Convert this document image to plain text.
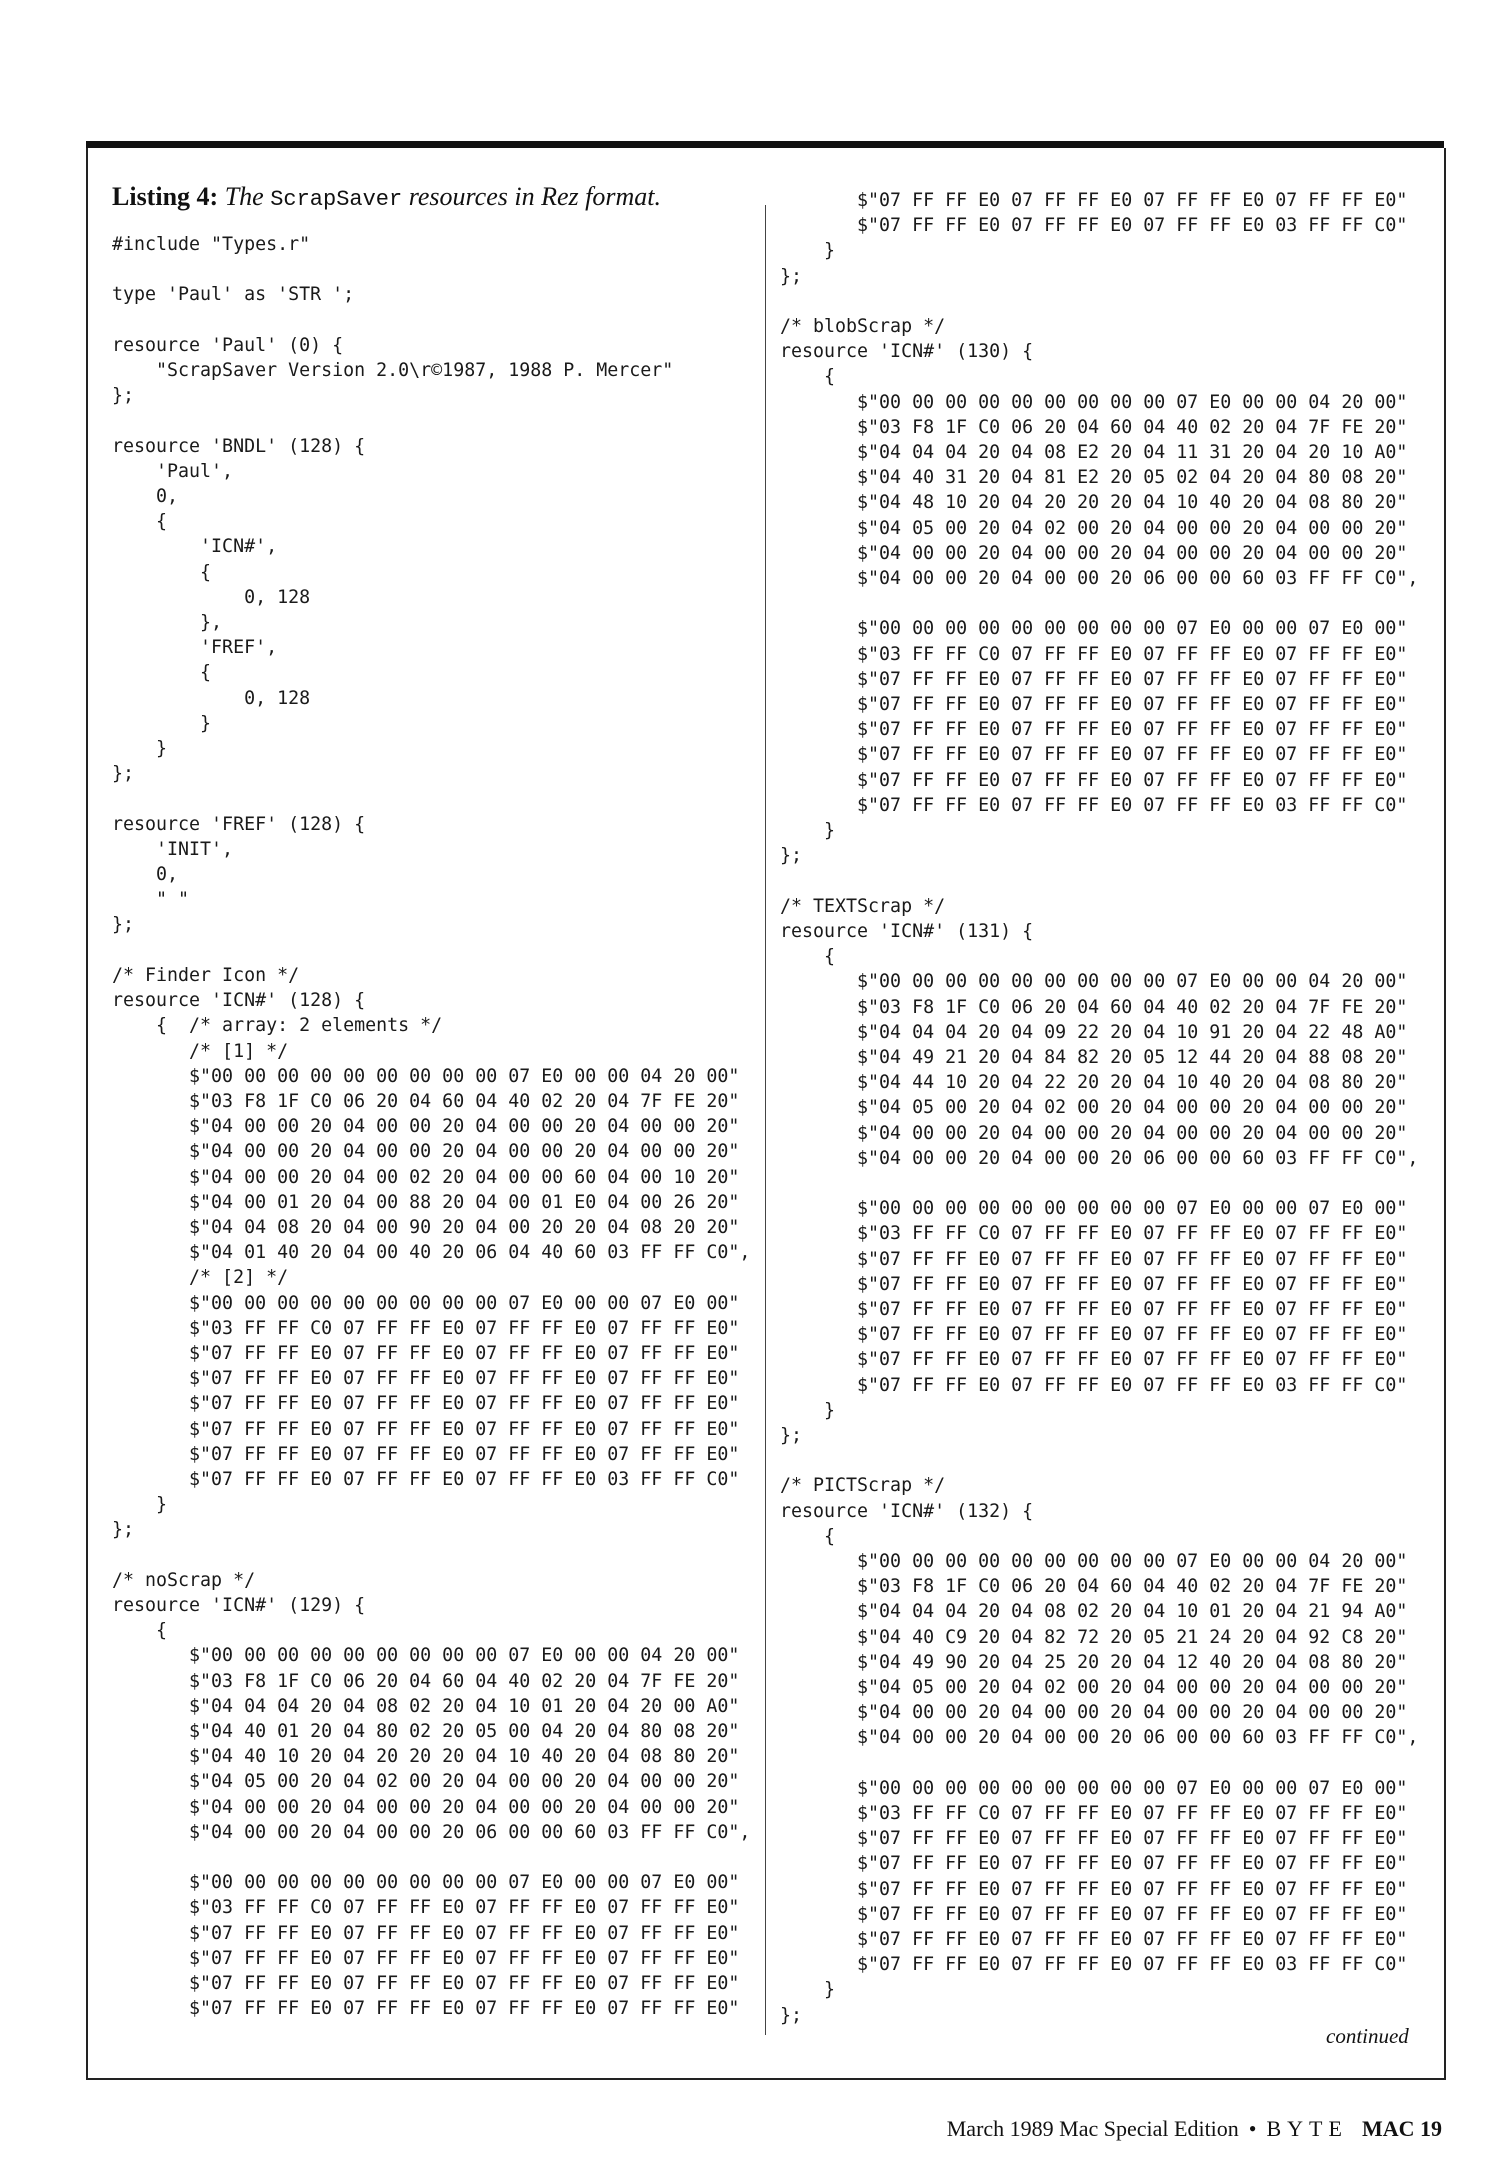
Listing 4: The ScrapSaver resources in Rez format.
#include "Types.r"

type 'Paul' as 'STR ';

resource 'Paul' (0) {
"ScrapSaver Version 2.0\r©1987, 1988 P. Mercer"
};

resource 'BNDL' (128) {
'Paul',
0,
{
'ICN#',
{
0, 128
},
'FREF',
{
0, 128
}
}
};

resource 'FREF' (128) {
'INIT',
0,
" "
};

/* Finder Icon */
resource 'ICN#' (128) {
{  /* array: 2 elements */
/* [1] */
$"00 00 00 00 00 00 00 00 00 07 E0 00 00 04 20 00"
$"03 F8 1F C0 06 20 04 60 04 40 02 20 04 7F FE 20"
$"04 00 00 20 04 00 00 20 04 00 00 20 04 00 00 20"
$"04 00 00 20 04 00 00 20 04 00 00 20 04 00 00 20"
$"04 00 00 20 04 00 02 20 04 00 00 60 04 00 10 20"
$"04 00 01 20 04 00 88 20 04 00 01 E0 04 00 26 20"
$"04 04 08 20 04 00 90 20 04 00 20 20 04 08 20 20"
$"04 01 40 20 04 00 40 20 06 04 40 60 03 FF FF C0",
/* [2] */
$"00 00 00 00 00 00 00 00 00 07 E0 00 00 07 E0 00"
$"03 FF FF C0 07 FF FF E0 07 FF FF E0 07 FF FF E0"
$"07 FF FF E0 07 FF FF E0 07 FF FF E0 07 FF FF E0"
$"07 FF FF E0 07 FF FF E0 07 FF FF E0 07 FF FF E0"
$"07 FF FF E0 07 FF FF E0 07 FF FF E0 07 FF FF E0"
$"07 FF FF E0 07 FF FF E0 07 FF FF E0 07 FF FF E0"
$"07 FF FF E0 07 FF FF E0 07 FF FF E0 07 FF FF E0"
$"07 FF FF E0 07 FF FF E0 07 FF FF E0 03 FF FF C0"
}
};

/* noScrap */
resource 'ICN#' (129) {
{
$"00 00 00 00 00 00 00 00 00 07 E0 00 00 04 20 00"
$"03 F8 1F C0 06 20 04 60 04 40 02 20 04 7F FE 20"
$"04 04 04 20 04 08 02 20 04 10 01 20 04 20 00 A0"
$"04 40 01 20 04 80 02 20 05 00 04 20 04 80 08 20"
$"04 40 10 20 04 20 20 20 04 10 40 20 04 08 80 20"
$"04 05 00 20 04 02 00 20 04 00 00 20 04 00 00 20"
$"04 00 00 20 04 00 00 20 04 00 00 20 04 00 00 20"
$"04 00 00 20 04 00 00 20 06 00 00 60 03 FF FF C0",

$"00 00 00 00 00 00 00 00 00 07 E0 00 00 07 E0 00"
$"03 FF FF C0 07 FF FF E0 07 FF FF E0 07 FF FF E0"
$"07 FF FF E0 07 FF FF E0 07 FF FF E0 07 FF FF E0"
$"07 FF FF E0 07 FF FF E0 07 FF FF E0 07 FF FF E0"
$"07 FF FF E0 07 FF FF E0 07 FF FF E0 07 FF FF E0"
$"07 FF FF E0 07 FF FF E0 07 FF FF E0 07 FF FF E0"
$"07 FF FF E0 07 FF FF E0 07 FF FF E0 07 FF FF E0"
$"07 FF FF E0 07 FF FF E0 07 FF FF E0 03 FF FF C0"
}
};

/* blobScrap */
resource 'ICN#' (130) {
{
$"00 00 00 00 00 00 00 00 00 07 E0 00 00 04 20 00"
$"03 F8 1F C0 06 20 04 60 04 40 02 20 04 7F FE 20"
$"04 04 04 20 04 08 E2 20 04 11 31 20 04 20 10 A0"
$"04 40 31 20 04 81 E2 20 05 02 04 20 04 80 08 20"
$"04 48 10 20 04 20 20 20 04 10 40 20 04 08 80 20"
$"04 05 00 20 04 02 00 20 04 00 00 20 04 00 00 20"
$"04 00 00 20 04 00 00 20 04 00 00 20 04 00 00 20"
$"04 00 00 20 04 00 00 20 06 00 00 60 03 FF FF C0",

$"00 00 00 00 00 00 00 00 00 07 E0 00 00 07 E0 00"
$"03 FF FF C0 07 FF FF E0 07 FF FF E0 07 FF FF E0"
$"07 FF FF E0 07 FF FF E0 07 FF FF E0 07 FF FF E0"
$"07 FF FF E0 07 FF FF E0 07 FF FF E0 07 FF FF E0"
$"07 FF FF E0 07 FF FF E0 07 FF FF E0 07 FF FF E0"
$"07 FF FF E0 07 FF FF E0 07 FF FF E0 07 FF FF E0"
$"07 FF FF E0 07 FF FF E0 07 FF FF E0 07 FF FF E0"
$"07 FF FF E0 07 FF FF E0 07 FF FF E0 03 FF FF C0"
}
};

/* TEXTScrap */
resource 'ICN#' (131) {
{
$"00 00 00 00 00 00 00 00 00 07 E0 00 00 04 20 00"
$"03 F8 1F C0 06 20 04 60 04 40 02 20 04 7F FE 20"
$"04 04 04 20 04 09 22 20 04 10 91 20 04 22 48 A0"
$"04 49 21 20 04 84 82 20 05 12 44 20 04 88 08 20"
$"04 44 10 20 04 22 20 20 04 10 40 20 04 08 80 20"
$"04 05 00 20 04 02 00 20 04 00 00 20 04 00 00 20"
$"04 00 00 20 04 00 00 20 04 00 00 20 04 00 00 20"
$"04 00 00 20 04 00 00 20 06 00 00 60 03 FF FF C0",

$"00 00 00 00 00 00 00 00 00 07 E0 00 00 07 E0 00"
$"03 FF FF C0 07 FF FF E0 07 FF FF E0 07 FF FF E0"
$"07 FF FF E0 07 FF FF E0 07 FF FF E0 07 FF FF E0"
$"07 FF FF E0 07 FF FF E0 07 FF FF E0 07 FF FF E0"
$"07 FF FF E0 07 FF FF E0 07 FF FF E0 07 FF FF E0"
$"07 FF FF E0 07 FF FF E0 07 FF FF E0 07 FF FF E0"
$"07 FF FF E0 07 FF FF E0 07 FF FF E0 07 FF FF E0"
$"07 FF FF E0 07 FF FF E0 07 FF FF E0 03 FF FF C0"
}
};

/* PICTScrap */
resource 'ICN#' (132) {
{
$"00 00 00 00 00 00 00 00 00 07 E0 00 00 04 20 00"
$"03 F8 1F C0 06 20 04 60 04 40 02 20 04 7F FE 20"
$"04 04 04 20 04 08 02 20 04 10 01 20 04 21 94 A0"
$"04 40 C9 20 04 82 72 20 05 21 24 20 04 92 C8 20"
$"04 49 90 20 04 25 20 20 04 12 40 20 04 08 80 20"
$"04 05 00 20 04 02 00 20 04 00 00 20 04 00 00 20"
$"04 00 00 20 04 00 00 20 04 00 00 20 04 00 00 20"
$"04 00 00 20 04 00 00 20 06 00 00 60 03 FF FF C0",

$"00 00 00 00 00 00 00 00 00 07 E0 00 00 07 E0 00"
$"03 FF FF C0 07 FF FF E0 07 FF FF E0 07 FF FF E0"
$"07 FF FF E0 07 FF FF E0 07 FF FF E0 07 FF FF E0"
$"07 FF FF E0 07 FF FF E0 07 FF FF E0 07 FF FF E0"
$"07 FF FF E0 07 FF FF E0 07 FF FF E0 07 FF FF E0"
$"07 FF FF E0 07 FF FF E0 07 FF FF E0 07 FF FF E0"
$"07 FF FF E0 07 FF FF E0 07 FF FF E0 07 FF FF E0"
$"07 FF FF E0 07 FF FF E0 07 FF FF E0 03 FF FF C0"
}
};
continued
March 1989 Mac Special Edition • BYTE MAC 19
